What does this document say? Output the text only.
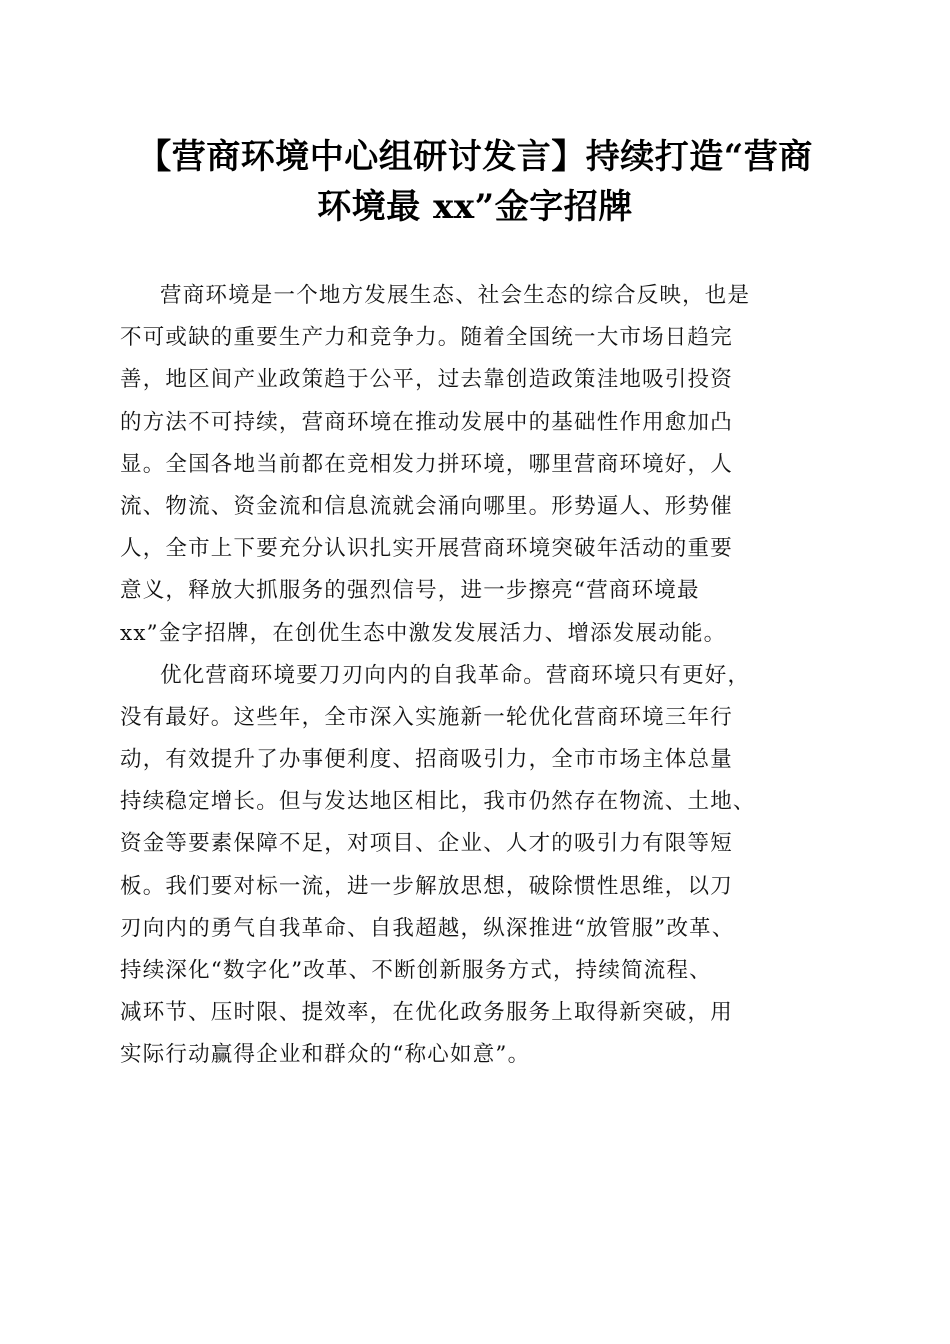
【营商环境中心组研讨发言】持续打造“营商
环境最 xx”金字招牌
营商环境是一个地方发展生态、社会生态的综合反映，也是
不可或缺的重要生产力和竞争力。随着全国统一大市场日趋完
善，地区间产业政策趋于公平，过去靠创造政策洼地吸引投资
的方法不可持续，营商环境在推动发展中的基础性作用愈加凸
显。全国各地当前都在竞相发力拼环境，哪里营商环境好，人
流、物流、资金流和信息流就会涌向哪里。形势逼人、形势催
人，全市上下要充分认识扎实开展营商环境突破年活动的重要
意义，释放大抓服务的强烈信号，进一步擦亮“营商环境最
xx”金字招牌，在创优生态中激发发展活力、增添发展动能。
优化营商环境要刀刃向内的自我革命。营商环境只有更好，
没有最好。这些年，全市深入实施新一轮优化营商环境三年行
动，有效提升了办事便利度、招商吸引力，全市市场主体总量
持续稳定增长。但与发达地区相比，我市仍然存在物流、土地、
资金等要素保障不足，对项目、企业、人才的吸引力有限等短
板。我们要对标一流，进一步解放思想，破除惯性思维，以刀
刃向内的勇气自我革命、自我超越，纵深推进“放管服”改革、
持续深化“数字化”改革、不断创新服务方式，持续简流程、
减环节、压时限、提效率，在优化政务服务上取得新突破，用
实际行动赢得企业和群众的“称心如意”。
